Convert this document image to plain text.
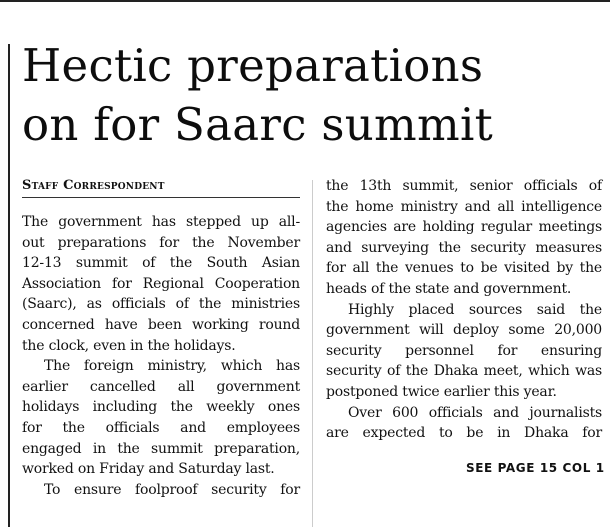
Hectic preparations
on for Saarc summit
Staff Correspondent
The government has stepped up all-
out preparations for the November
12-13 summit of the South Asian
Association for Regional Cooperation
(Saarc), as officials of the ministries
concerned have been working round
the clock, even in the holidays.
The foreign ministry, which has
earlier cancelled all government
holidays including the weekly ones
for the officials and employees
engaged in the summit preparation,
worked on Friday and Saturday last.
To ensure foolproof security for
the 13th summit, senior officials of
the home ministry and all intelligence
agencies are holding regular meetings
and surveying the security measures
for all the venues to be visited by the
heads of the state and government.
Highly placed sources said the
government will deploy some 20,000
security personnel for ensuring
security of the Dhaka meet, which was
postponed twice earlier this year.
Over 600 officials and journalists
are expected to be in Dhaka for
SEE PAGE 15 COL 1
